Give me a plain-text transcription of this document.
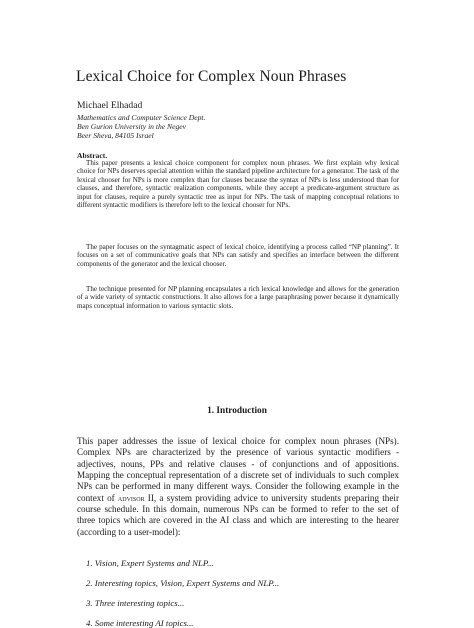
Lexical Choice for Complex Noun Phrases
Michael Elhadad
Mathematics and Computer Science Dept.
Ben Gurion University in the Negev
Beer Sheva, 84105 Israel
Abstract.
This paper presents a lexical choice component for complex noun phrases. We first explain why lexical choice for NPs deserves special attention within the standard pipeline architecture for a generator. The task of the lexical chooser for NPs is more complex than for clauses because the syntax of NPs is less understood than for clauses, and therefore, syntactic realization components, while they accept a predicate-argument structure as input for clauses, require a purely syntactic tree as input for NPs. The task of mapping conceptual relations to different syntactic modifiers is therefore left to the lexical chooser for NPs.
The paper focuses on the syntagmatic aspect of lexical choice, identifying a process called “NP planning”. It focuses on a set of communicative goals that NPs can satisfy and specifies an interface between the different components of the generator and the lexical chooser.
The technique presented for NP planning encapsulates a rich lexical knowledge and allows for the generation of a wide variety of syntactic constructions. It also allows for a large paraphrasing power because it dynamically maps conceptual information to various syntactic slots.
1. Introduction
This paper addresses the issue of lexical choice for complex noun phrases (NPs). Complex NPs are characterized by the presence of various syntactic modifiers - adjectives, nouns, PPs and relative clauses - of conjunctions and of appositions. Mapping the conceptual representation of a discrete set of individuals to such complex NPs can be performed in many different ways. Consider the following example in the context of advisor II, a system providing advice to university students preparing their course schedule. In this domain, numerous NPs can be formed to refer to the set of three topics which are covered in the AI class and which are interesting to the hearer (according to a user-model):
1. Vision, Expert Systems and NLP...
2. Interesting topics, Vision, Expert Systems and NLP...
3. Three interesting topics...
4. Some interesting AI topics...
